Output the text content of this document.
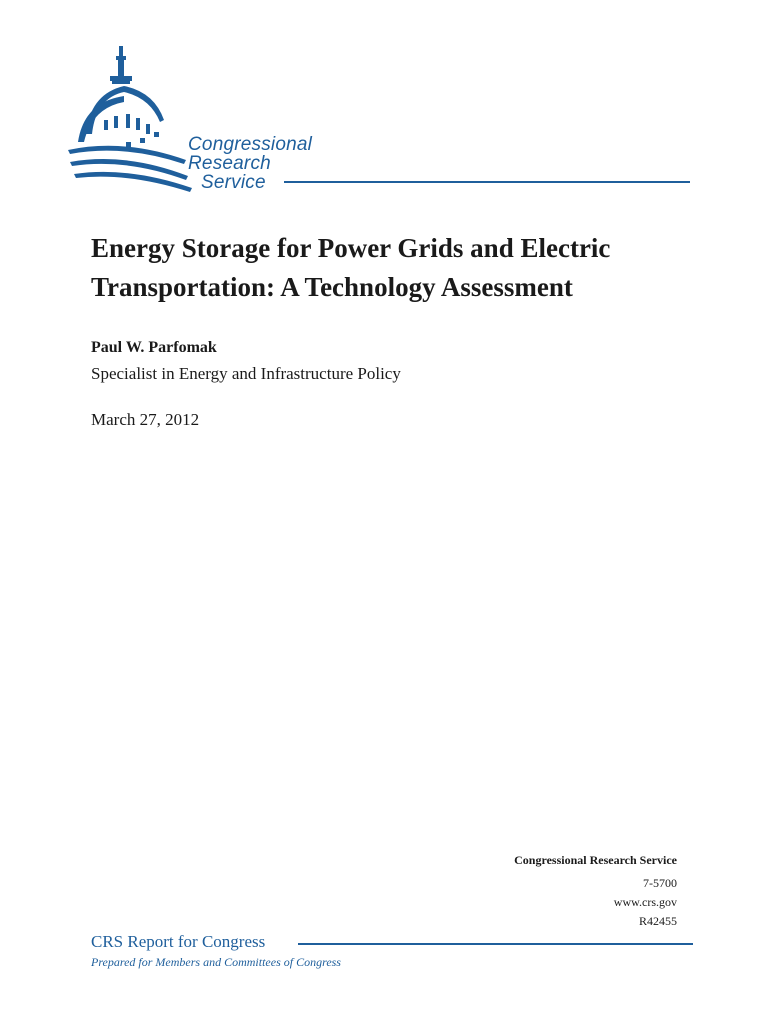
Congressional
Research
Service
Energy Storage for Power Grids and Electric Transportation: A Technology Assessment
Paul W. Parfomak
Specialist in Energy and Infrastructure Policy
March 27, 2012
Congressional Research Service
7-5700
www.crs.gov
R42455
CRS Report for Congress
Prepared for Members and Committees of Congress
